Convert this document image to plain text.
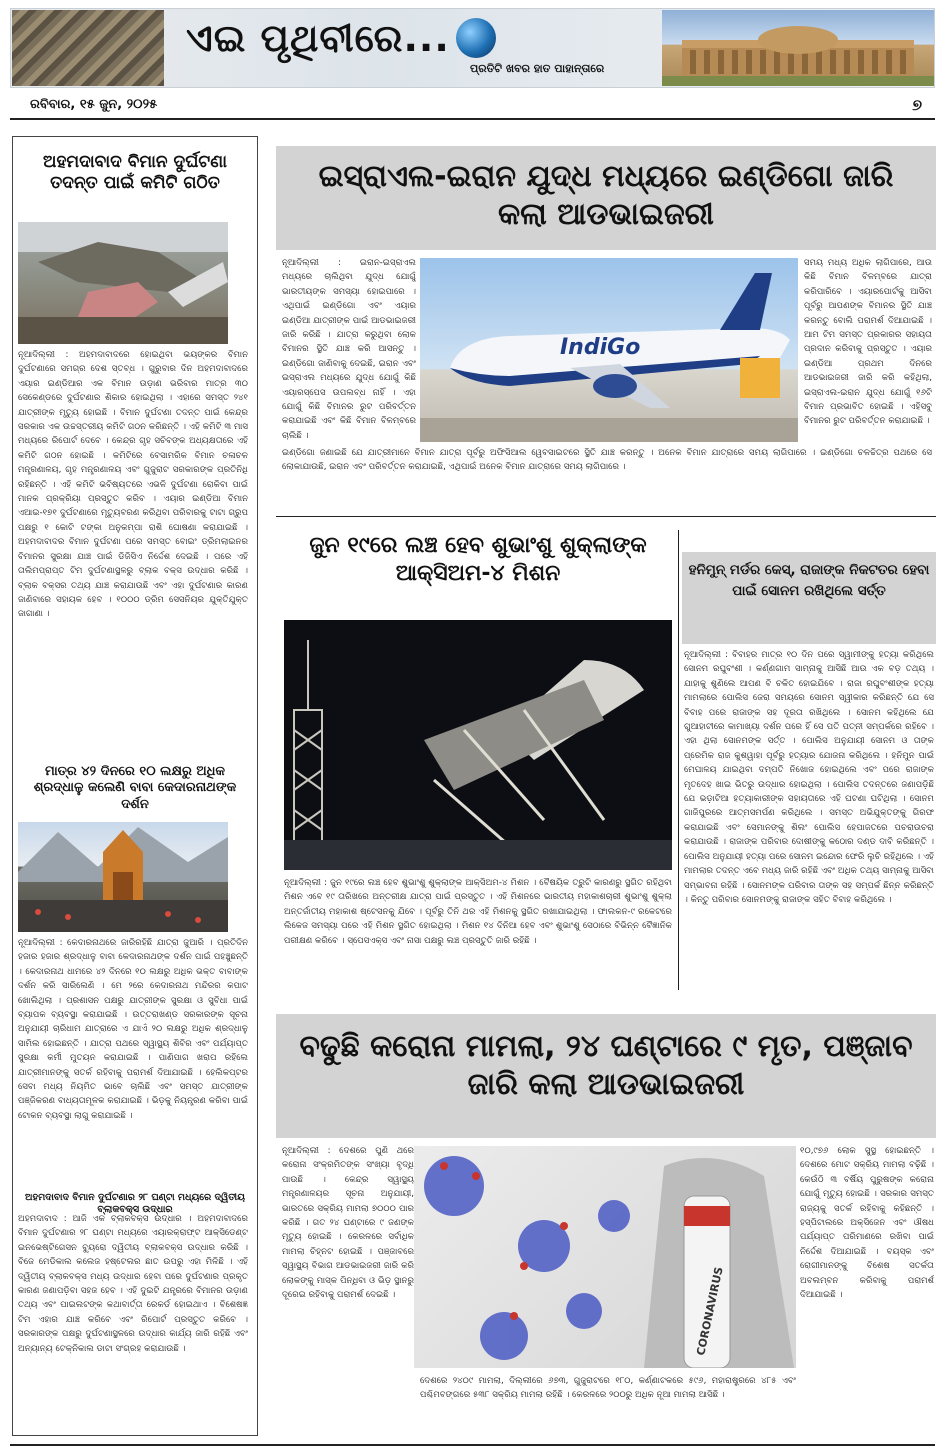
ଏଇ ପୃଥିବୀରେ...
ପ୍ରତିଟି ଖବର ହାତ ପାହାନ୍ତାରେ
ରବିବାର, ୧୫ ଜୁନ, ୨୦୨୫	୭
ଅହମଦାବାଦ ବିମାନ ଦୁର୍ଘଟଣା ତଦନ୍ତ ପାଇଁ କମିଟି ଗଠିତ
ନୂଆଦିଲ୍ଲୀ : ଅହମଦାବାଦରେ ହୋଇଥିବା ଭୟଙ୍କର ବିମାନ ଦୁର୍ଘଟଣାରେ ସମଗ୍ର ଦେଶ ସ୍ତବ୍ଧ । ଗୁରୁବାର ଦିନ ଅହମଦାବାଦରେ ଏୟାର ଇଣ୍ଡିଆର ଏକ ବିମାନ ଉଡ଼ାଣ ଭରିବାର ମାତ୍ର ୩୦ ସେକେଣ୍ଡରେ ଦୁର୍ଘଟଣାର ଶିକାର ହୋଇଥିଲା । ଏହାରେ ସମସ୍ତ ୨୪୧ ଯାତ୍ରୀଙ୍କ ମୃତ୍ୟୁ ହୋଇଛି । ବିମାନ ଦୁର୍ଘଟଣା ତଦନ୍ତ ପାଇଁ କେନ୍ଦ୍ର ସରକାର ଏକ ଉଚ୍ଚସ୍ତରୀୟ କମିଟି ଗଠନ କରିଛନ୍ତି । ଏହି କମିଟି ୩ ମାସ ମଧ୍ୟରେ ରିପୋର୍ଟ ଦେବେ । କେନ୍ଦ୍ର ଗୃହ ସଚିବଙ୍କ ଅଧ୍ୟକ୍ଷତାରେ ଏହି କମିଟି ଗଠନ ହୋଇଛି । କମିଟିରେ ବେସାମରିକ ବିମାନ ଚଳାଚଳ ମନ୍ତ୍ରଣାଳୟ, ଗୃହ ମନ୍ତ୍ରଣାଳୟ ଏବଂ ଗୁଜୁରାଟ ସରକାରଙ୍କ ପ୍ରତିନିଧି ରହିଛନ୍ତି । ଏହି କମିଟି ଭବିଷ୍ୟତରେ ଏଭଳି ଦୁର୍ଘଟଣା ରୋକିବା ପାଇଁ ମାନକ ପ୍ରକ୍ରିୟା ପ୍ରସ୍ତୁତ କରିବ । ଏୟାର ଇଣ୍ଡିଆ ବିମାନ ଏଆଇ-୧୭୧ ଦୁର୍ଘଟଣାରେ ମୃତ୍ୟୁବରଣ କରିଥିବା ପରିବାରକୁ ଟାଟା ଗ୍ରୁପ ପକ୍ଷରୁ ୧ କୋଟି ଟଙ୍କା ଅନୁକମ୍ପା ରାଶି ଘୋଷଣା କରାଯାଇଛି । ଅହମଦାବାଦର ବିମାନ ଦୁର୍ଘଟଣା ପରେ ସମସ୍ତ ବୋଇଂ ଡ୍ରିମଲାଇନର ବିମାନର ସୁରକ୍ଷା ଯାଞ୍ଚ ପାଇଁ ଡିଜିସିଏ ନିର୍ଦ୍ଦେଶ ଦେଇଛି । ପରେ ଏହି ତାଲିମପ୍ରାପ୍ତ ଟିମ ଦୁର୍ଘଟଣାସ୍ଥଳରୁ ବ୍ଲାକ ବକ୍ସ ଉଦ୍ଧାର କରିଛି । ବ୍ଲାକ ବକ୍ସର ତଥ୍ୟ ଯାଞ୍ଚ କରାଯାଉଛି ଏବଂ ଏହା ଦୁର୍ଘଟଣାର କାରଣ ଜାଣିବାରେ ସହାୟକ ହେବ । ୧୦୦୦ ଡ୍ରିମ ସେସନିୟର ଯୁକ୍ତିଯୁକ୍ତ ଜାଗାଣା ।
ମାତ୍ର ୪୨ ଦିନରେ ୧୦ ଲକ୍ଷରୁ ଅଧିକ ଶ୍ରଦ୍ଧାଳୁ କଲେଣି ବାବା କେଦାରନାଥଙ୍କ ଦର୍ଶନ
ନୂଆଦିଲ୍ଲୀ : କେଦାରନାଥରେ ଜାରିରହିଛି ଯାତ୍ରା ଜୁଆରି । ପ୍ରତିଦିନ ହଜାର ହଜାର ଶ୍ରଦ୍ଧାଳୁ ବାବା କେଦାରନାଥଙ୍କ ଦର୍ଶନ ପାଇଁ ପହଞ୍ଚୁଛନ୍ତି । କେଦାରନାଥ ଧାମରେ ୪୨ ଦିନରେ ୧୦ ଲକ୍ଷରୁ ଅଧିକ ଭକ୍ତ ବାବାଙ୍କ ଦର୍ଶନ କରି ସାରିଲେଣି । ମେ ୨ରେ କେଦାରନାଥ ମନ୍ଦିରର କପାଟ ଖୋଲିଥିଲା । ପ୍ରଶାସନ ପକ୍ଷରୁ ଯାତ୍ରୀଙ୍କ ସୁରକ୍ଷା ଓ ସୁବିଧା ପାଇଁ ବ୍ୟାପକ ବ୍ୟବସ୍ଥା କରାଯାଇଛି । ଉତ୍ତରାଖଣ୍ଡ ସରକାରଙ୍କ ସୂଚନା ଅନୁଯାୟୀ ଚାରିଧାମ ଯାତ୍ରାରେ ଏ ଯାଏଁ ୨୦ ଲକ୍ଷରୁ ଅଧିକ ଶ୍ରଦ୍ଧାଳୁ ସାମିଲ ହୋଇଛନ୍ତି । ଯାତ୍ରା ପଥରେ ସ୍ୱାସ୍ଥ୍ୟ ଶିବିର ଏବଂ ପର୍ଯ୍ୟାପ୍ତ ସୁରକ୍ଷା କର୍ମୀ ମୁତୟନ କରାଯାଇଛି । ପାଣିପାଗ ଖରାପ ରହିଲେ ଯାତ୍ରୀମାନଙ୍କୁ ସତର୍କ ରହିବାକୁ ପରାମର୍ଶ ଦିଆଯାଇଛି । ହେଲିକପ୍ଟର ସେବା ମଧ୍ୟ ନିୟମିତ ଭାବେ ଚାଲିଛି ଏବଂ ସମସ୍ତ ଯାତ୍ରୀଙ୍କ ପଞ୍ଜିକରଣ ବାଧ୍ୟତାମୂଳକ କରାଯାଇଛି । ଭିଡ଼କୁ ନିୟନ୍ତ୍ରଣ କରିବା ପାଇଁ ଟୋକନ ବ୍ୟବସ୍ଥା ଲାଗୁ କରାଯାଇଛି ।
ଅହମଦାବାଦ ବିମାନ ଦୁର୍ଘଟଣାର ୨୮ ଘଣ୍ଟା ମଧ୍ୟରେ ଦ୍ୱିତୀୟ ବ୍ଲାକବକ୍ସ ଉଦ୍ଧାର
ଅହମଦାବାଦ : ଆଜି ଏକ ବ୍ଲାକବକ୍ସ ଉଦ୍ଧାର । ଅହମଦାବାଦରେ ବିମାନ ଦୁର୍ଘଟଣାର ୨୮ ଘଣ୍ଟା ମଧ୍ୟରେ ଏୟାରକ୍ରାଫ୍ଟ ଆକ୍ସିଡେଣ୍ଟ ଇନଭେଷ୍ଟିଗେସନ ବ୍ୟୁରୋ ଦ୍ୱିତୀୟ ବ୍ଲାକବକ୍ସ ଉଦ୍ଧାର କରିଛି । ବିଜେ ମେଡିକାଲ କଲେଜ ହଷ୍ଟେଲର ଛାତ ଉପରୁ ଏହା ମିଳିଛି । ଏହି ଦ୍ୱିତୀୟ ବ୍ଲାକବକ୍ସ ମଧ୍ୟ ଉଦ୍ଧାର ହେବା ପରେ ଦୁର୍ଘଟଣାର ପ୍ରକୃତ କାରଣ ଜଣାପଡ଼ିବା ସହଜ ହେବ । ଏହି ଦୁଇଟି ଯନ୍ତ୍ରରେ ବିମାନର ଉଡ଼ାଣ ତଥ୍ୟ ଏବଂ ପାଇଲଟଙ୍କ କଥାବାର୍ତ୍ତା ରେକର୍ଡ ହୋଇଥାଏ । ବିଶେଷଜ୍ଞ ଟିମ ଏହାର ଯାଞ୍ଚ କରିବେ ଏବଂ ରିପୋର୍ଟ ପ୍ରସ୍ତୁତ କରିବେ । ସରକାରଙ୍କ ପକ୍ଷରୁ ଦୁର୍ଘଟଣାସ୍ଥଳରେ ଉଦ୍ଧାର କାର୍ଯ୍ୟ ଜାରି ରହିଛି ଏବଂ ଅନ୍ୟାନ୍ୟ ଟେକ୍ନିକାଲ ଡାଟା ସଂଗ୍ରହ କରାଯାଉଛି ।
ଇସ୍ରାଏଲ-ଇରାନ ଯୁଦ୍ଧ ମଧ୍ୟରେ ଇଣ୍ଡିଗୋ ଜାରି କଲା ଆଡଭାଇଜରୀ
ନୂଆଦିଲ୍ଲୀ : ଇରାନ-ଇସ୍ରାଏଲ ମଧ୍ୟରେ ଚାଲିଥିବା ଯୁଦ୍ଧ ଯୋଗୁଁ ଭାରତୀୟଙ୍କ ସମସ୍ୟା ହୋଇପାରେ । ଏଥିପାଇଁ ଇଣ୍ଡିଗୋ ଏବଂ ଏୟାର ଇଣ୍ଡିଆ ଯାତ୍ରୀଙ୍କ ପାଇଁ ଆଡଭାଇଜରୀ ଜାରି କରିଛି । ଯାତ୍ରା କରୁଥିବା ଲୋକ ବିମାନର ସ୍ଥିତି ଯାଞ୍ଚ କରି ଆସନ୍ତୁ । ଇଣ୍ଡିଗୋ ଜାଣିବାକୁ ଦେଇଛି, ଇରାନ ଏବଂ ଇସ୍ରାଏଲ ମଧ୍ୟରେ ଯୁଦ୍ଧ ଯୋଗୁଁ କିଛି ଏୟାରସ୍ପେସ ଉପଲବ୍ଧ ନାହିଁ । ଏହା ଯୋଗୁଁ କିଛି ବିମାନର ରୁଟ ପରିବର୍ତ୍ତନ କରାଯାଇଛି ଏବଂ କିଛି ବିମାନ ବିଳମ୍ବରେ ଚାଲିଛି ।
IndiGo
ସମୟ ମଧ୍ୟ ଅଧିକ ଲାଗିପାରେ, ଆଉ କିଛି ବିମାନ ବିଳମ୍ବରେ ଯାତ୍ରା କରିପାରିବେ । ଏୟାରପୋର୍ଟକୁ ଆସିବା ପୂର୍ବରୁ ଆପଣଙ୍କ ବିମାନର ସ୍ଥିତି ଯାଞ୍ଚ କରନ୍ତୁ ବୋଲି ପରାମର୍ଶ ଦିଆଯାଇଛି । ଆମ ଟିମ ସମସ୍ତ ପ୍ରକାରର ସହାୟତା ପ୍ରଦାନ କରିବାକୁ ପ୍ରସ୍ତୁତ । ଏୟାର ଇଣ୍ଡିଆ ପ୍ରଥମ ଦିନରେ ଆଡଭାଇଜରୀ ଜାରି କରି କହିଥିଲା, ଇସ୍ରାଏଲ-ଇରାନ ଯୁଦ୍ଧ ଯୋଗୁଁ ୧୬ଟି ବିମାନ ପ୍ରଭାବିତ ହୋଇଛି । ଏହିସବୁ ବିମାନର ରୁଟ ପରିବର୍ତ୍ତନ କରାଯାଇଛି ।
ଇଣ୍ଡିଗୋ ଜଣାଇଛି ଯେ ଯାତ୍ରୀମାନେ ବିମାନ ଯାତ୍ରା ପୂର୍ବରୁ ଅଫିସିଆଲ ୱେବସାଇଟରେ ସ୍ଥିତି ଯାଞ୍ଚ କରନ୍ତୁ । ଅନେକ ବିମାନ ଯାତ୍ରାରେ ସମୟ ଲାଗିପାରେ । ଇଣ୍ଡିଗୋ ଚଳଚ୍ଚିତ୍ର ପଥରେ ସେ ଲୋକାଯାଉଛି, ଇରାନ ଏବଂ ପରିବର୍ତ୍ତନ କରାଯାଇଛି, ଏଥିପାଇଁ ଅନେକ ବିମାନ ଯାତ୍ରାରେ ସମୟ ଲାଗିପାରେ ।
ଜୁନ ୧୯ରେ ଲଞ୍ଚ ହେବ ଶୁଭାଂଶୁ ଶୁକ୍ଲାଙ୍କ ଆକ୍ସିଅମ-୪ ମିଶନ
ନୂଆଦିଲ୍ଲୀ : ଜୁନ ୧୯ରେ ଲଞ୍ଚ ହେବ ଶୁଭାଂଶୁ ଶୁକ୍ଲାଙ୍କ ଆକ୍ସିଅମ-୪ ମିଶନ । ବୈଷୟିକ ତ୍ରୁଟି କାରଣରୁ ସ୍ଥଗିତ ରହିଥିବା ମିଶନ ଏବେ ୧୯ ତାରିଖରେ ଅନ୍ତରୀକ୍ଷ ଯାତ୍ରା ପାଇଁ ପ୍ରସ୍ତୁତ । ଏହି ମିଶନରେ ଭାରତୀୟ ମହାକାଶଚାରୀ ଶୁଭାଂଶୁ ଶୁକ୍ଲା ଅନ୍ତର୍ଜାତୀୟ ମହାକାଶ ଷ୍ଟେସନକୁ ଯିବେ । ପୂର୍ବରୁ ତିନି ଥର ଏହି ମିଶନକୁ ସ୍ଥଗିତ ରଖାଯାଇଥିଲା । ଫାଲକନ-୯ ରକେଟରେ ଲିକେଜ ସମସ୍ୟା ପରେ ଏହି ମିଶନ ସ୍ଥଗିତ ହୋଇଥିଲା । ମିଶନ ୧୪ ଦିନିଆ ହେବ ଏବଂ ଶୁଭାଂଶୁ ସେଠାରେ ବିଭିନ୍ନ ବୈଜ୍ଞାନିକ ପରୀକ୍ଷଣ କରିବେ । ସ୍ପେସଏକ୍ସ ଏବଂ ନାସା ପକ୍ଷରୁ ଲଞ୍ଚ ପ୍ରସ୍ତୁତି ଜାରି ରହିଛି ।
ହନିମୁନ୍ ମର୍ଡର କେସ୍, ରାଜାଙ୍କ ନିକଟତର ହେବା ପାଇଁ ସୋନମ ରଖିଥିଲେ ସର୍ତ୍ତ
ନୂଆଦିଲ୍ଲୀ : ବିବାହର ମାତ୍ର ୧୦ ଦିନ ପରେ ସ୍ୱାମୀଙ୍କୁ ହତ୍ୟା କରିଥିଲେ ସୋନମ ରଘୁବଂଶୀ । କର୍ଣ୍ଣଗାମ ସାମ୍ନାକୁ ଆସିଛି ଆଉ ଏକ ବଡ଼ ତଥ୍ୟ । ଯାହାକୁ ଶୁଣିଲେ ଆପଣ ବି ଚକିତ ହୋଇଯିବେ । ରାଜା ରଘୁବଂଶୀଙ୍କ ହତ୍ୟା ମାମଲାରେ ପୋଲିସ ଜେରା ସମୟରେ ସୋନମ ସ୍ୱୀକାର କରିଛନ୍ତି ଯେ ସେ ବିବାହ ପରେ ରାଜାଙ୍କ ସହ ଦୂରତା ରଖିଥିଲେ । ସୋନମ କହିଥିଲେ ଯେ ଗୁଆହାଟୀରେ କାମାଖ୍ୟା ଦର୍ଶନ ପରେ ହିଁ ସେ ପତି ପତ୍ନୀ ସମ୍ପର୍କରେ ରହିବେ । ଏହା ଥିଲା ସୋନମଙ୍କ ସର୍ତ୍ତ । ପୋଲିସ ଅନୁଯାୟୀ ସୋନମ ଓ ତାଙ୍କ ପ୍ରେମିକ ରାଜ କୁଶୱାହା ପୂର୍ବରୁ ହତ୍ୟାର ଯୋଜନା କରିଥିଲେ । ହନିମୁନ ପାଇଁ ମେଘାଳୟ ଯାଇଥିବା ଦମ୍ପତି ନିଖୋଜ ହୋଇଥିଲେ ଏବଂ ପରେ ରାଜାଙ୍କ ମୃତଦେହ ଖାଇ ଭିତରୁ ଉଦ୍ଧାର ହୋଇଥିଲା । ପୋଲିସ ତଦନ୍ତରେ ଜଣାପଡ଼ିଛି ଯେ ଭଡ଼ାଟିଆ ହତ୍ୟାକାରୀଙ୍କ ସହାୟତାରେ ଏହି ଘଟଣା ଘଟିଥିଲା । ସୋନମ ଗାଜିପୁରରେ ଆତ୍ମସମର୍ପଣ କରିଥିଲେ । ସମସ୍ତ ଅଭିଯୁକ୍ତଙ୍କୁ ଗିରଫ କରାଯାଇଛି ଏବଂ ସେମାନଙ୍କୁ ଶିଲଂ ପୋଲିସ ହେପାଜତରେ ପଚରାଉଚରା କରାଯାଉଛି । ରାଜାଙ୍କ ପରିବାର ଦୋଷୀଙ୍କୁ କଠୋର ଦଣ୍ଡ ଦାବି କରିଛନ୍ତି । ପୋଲିସ ଅନୁଯାୟୀ ହତ୍ୟା ପରେ ସୋନମ ଇନ୍ଦୋର ଫେରି ଲୁଚି ରହିଥିଲେ । ଏହି ମାମଲାର ତଦନ୍ତ ଏବେ ମଧ୍ୟ ଜାରି ରହିଛି ଏବଂ ଅଧିକ ତଥ୍ୟ ସାମ୍ନାକୁ ଆସିବା ସମ୍ଭାବନା ରହିଛି । ସୋନମଙ୍କ ପରିବାର ତାଙ୍କ ସହ ସମ୍ପର୍କ ଛିନ୍ନ କରିଛନ୍ତି । କିନ୍ତୁ ପରିବାର ସୋନମଙ୍କୁ ରାଜାଙ୍କ ସହିତ ବିବାହ କରିଥିଲେ ।
ବଢୁଛି କରୋନା ମାମଲା, ୨୪ ଘଣ୍ଟାରେ ୯ ମୃତ, ପଞ୍ଜାବ ଜାରି କଲା ଆଡଭାଇଜରୀ
ନୂଆଦିଲ୍ଲୀ : ଦେଶରେ ପୁଣି ଥରେ କରୋନା ସଂକ୍ରମିତଙ୍କ ସଂଖ୍ୟା ବୃଦ୍ଧି ପାଉଛି । କେନ୍ଦ୍ର ସ୍ୱାସ୍ଥ୍ୟ ମନ୍ତ୍ରଣାଳୟର ସୂଚନା ଅନୁଯାୟୀ, ଭାରତରେ ସକ୍ରିୟ ମାମଲା ୭୦୦୦ ପାର କରିଛି । ଗତ ୨୪ ଘଣ୍ଟାରେ ୯ ଜଣଙ୍କ ମୃତ୍ୟୁ ହୋଇଛି । କେରଳରେ ସର୍ବାଧିକ ମାମଲା ଚିହ୍ନଟ ହୋଇଛି । ପଞ୍ଜାବରେ ସ୍ୱାସ୍ଥ୍ୟ ବିଭାଗ ଆଡଭାଇଜରୀ ଜାରି କରି ଲୋକଙ୍କୁ ମାସ୍କ ପିନ୍ଧିବା ଓ ଭିଡ଼ ସ୍ଥାନରୁ ଦୂରେଇ ରହିବାକୁ ପରାମର୍ଶ ଦେଇଛି ।	CORONAVIRUS
୧୦,୯୭୬ ଲୋକ ସୁସ୍ଥ ହୋଇଛନ୍ତି । ଦେଶରେ ମୋଟ ସକ୍ରିୟ ମାମଲା ବଢ଼ିଛି । କେଉଁଠି ୩ ବର୍ଷିୟ ପୁରୁଷଙ୍କ କରୋନା ଯୋଗୁଁ ମୃତ୍ୟୁ ହୋଇଛି । ସରକାର ସମସ୍ତ ରାଜ୍ୟକୁ ସତର୍କ ରହିବାକୁ କହିଛନ୍ତି । ହସ୍ପିଟାଲରେ ଅକ୍ସିଜେନ ଏବଂ ଔଷଧ ପର୍ଯ୍ୟାପ୍ତ ପରିମାଣରେ ରଖିବା ପାଇଁ ନିର୍ଦ୍ଦେଶ ଦିଆଯାଇଛି । ବୟସ୍କ ଏବଂ ରୋଗୀମାନଙ୍କୁ ବିଶେଷ ସତର୍କତା ଅବଲମ୍ବନ କରିବାକୁ ପରାମର୍ଶ ଦିଆଯାଇଛି ।
ଦେଶରେ ୨୪୦୯ ମାମଲା, ଦିଲ୍ଲୀରେ ୬୭୩, ଗୁଜୁରାଟରେ ୧୮୦, କର୍ଣ୍ଣାଟକରେ ୫୯୬, ମହାରାଷ୍ଟ୍ରରେ ୪୮୫ ଏବଂ ପଶ୍ଚିମବଙ୍ଗରେ ୫୩୮ ସକ୍ରିୟ ମାମଲା ରହିଛି । କେରଳରେ ୨୦୦ରୁ ଅଧିକ ନୂଆ ମାମଲା ଆସିଛି ।
